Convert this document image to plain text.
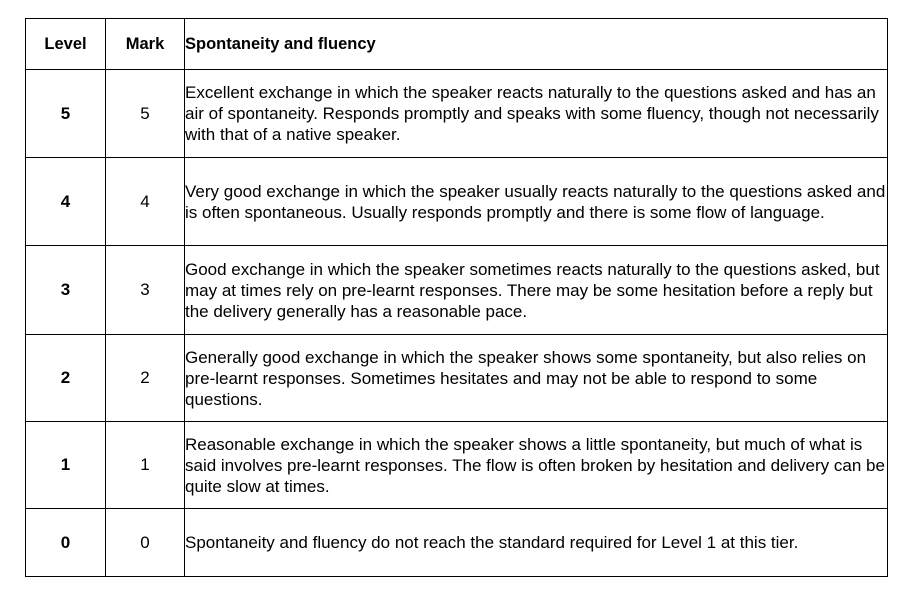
Level	Mark	Spontaneity and fluency
5	5	Excellent exchange in which the speaker reacts naturally to the questions asked and has an air of spontaneity. Responds promptly and speaks with some fluency, though not necessarily with that of a native speaker.
4	4	Very good exchange in which the speaker usually reacts naturally to the questions asked and is often spontaneous. Usually responds promptly and there is some flow of language.
3	3	Good exchange in which the speaker sometimes reacts naturally to the questions asked, but may at times rely on pre-learnt responses. There may be some hesitation before a reply but the delivery generally has a reasonable pace.
2	2	Generally good exchange in which the speaker shows some spontaneity, but also relies on pre-learnt responses. Sometimes hesitates and may not be able to respond to some questions.
1	1	Reasonable exchange in which the speaker shows a little spontaneity, but much of what is said involves pre-learnt responses. The flow is often broken by hesitation and delivery can be quite slow at times.
0	0	Spontaneity and fluency do not reach the standard required for Level 1 at this tier.
